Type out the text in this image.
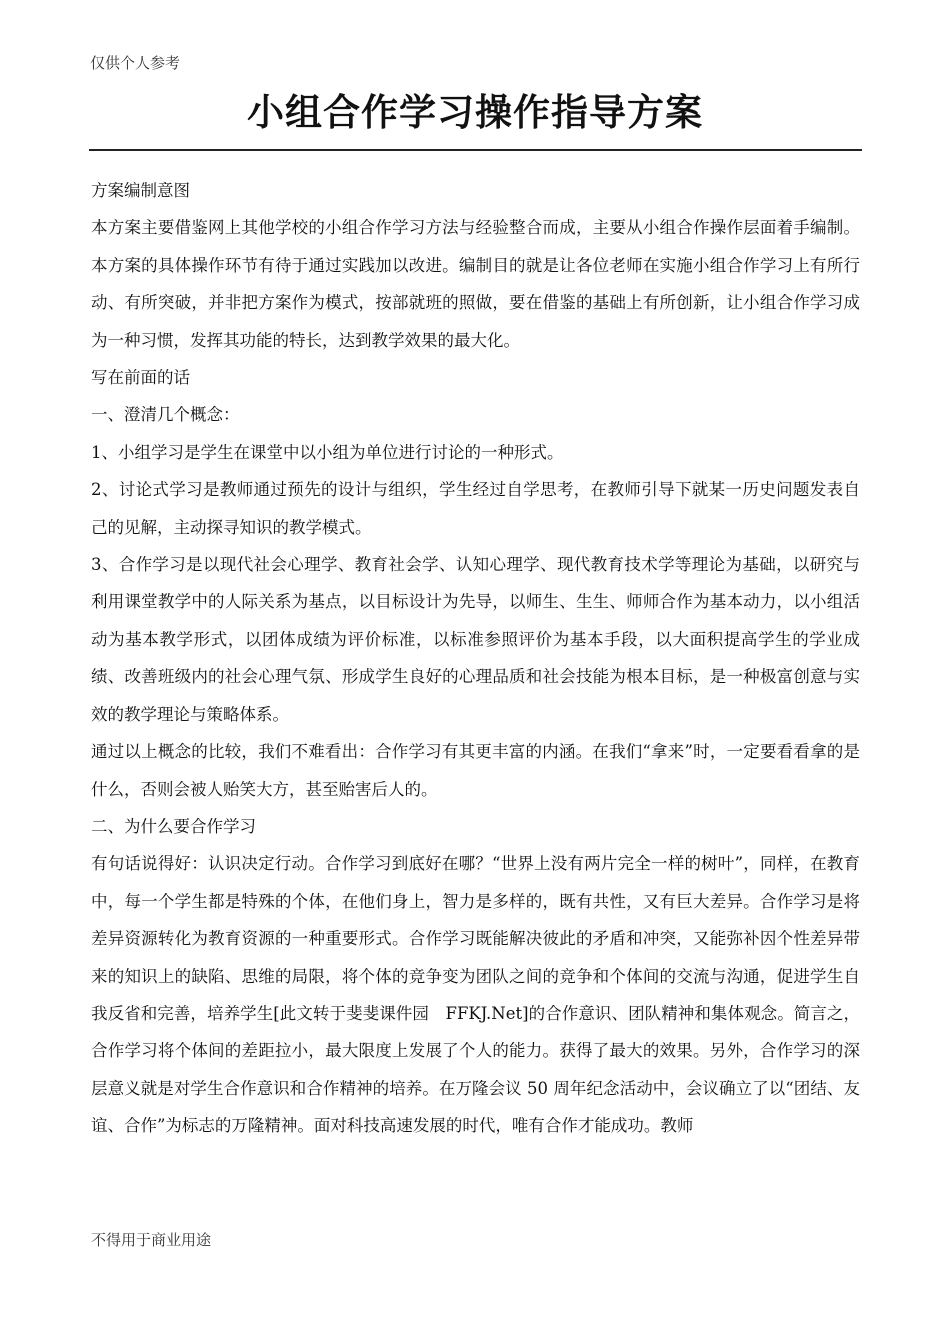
仅供个人参考
小组合作学习操作指导方案

方案编制意图

本方案主要借鉴网上其他学校的小组合作学习方法与经验整合而成，主要从小组合作操作层面着手编制。本方案的具体操作环节有待于通过实践加以改进。编制目的就是让各位老师在实施小组合作学习上有所行动、有所突破，并非把方案作为模式，按部就班的照做，要在借鉴的基础上有所创新，让小组合作学习成为一种习惯，发挥其功能的特长，达到教学效果的最大化。

写在前面的话

一、澄清几个概念：

1、小组学习是学生在课堂中以小组为单位进行讨论的一种形式。

2、讨论式学习是教师通过预先的设计与组织，学生经过自学思考，在教师引导下就某一历史问题发表自己的见解，主动探寻知识的教学模式。

3、合作学习是以现代社会心理学、教育社会学、认知心理学、现代教育技术学等理论为基础，以研究与利用课堂教学中的人际关系为基点，以目标设计为先导，以师生、生生、师师合作为基本动力，以小组活动为基本教学形式，以团体成绩为评价标准，以标准参照评价为基本手段，以大面积提高学生的学业成绩、改善班级内的社会心理气氛、形成学生良好的心理品质和社会技能为根本目标，是一种极富创意与实效的教学理论与策略体系。

通过以上概念的比较，我们不难看出：合作学习有其更丰富的内涵。在我们“拿来”时，一定要看看拿的是什么，否则会被人贻笑大方，甚至贻害后人的。

二、为什么要合作学习

有句话说得好：认识决定行动。合作学习到底好在哪？“世界上没有两片完全一样的树叶”，同样，在教育中，每一个学生都是特殊的个体，在他们身上，智力是多样的，既有共性，又有巨大差异。合作学习是将差异资源转化为教育资源的一种重要形式。合作学习既能解决彼此的矛盾和冲突，又能弥补因个性差异带来的知识上的缺陷、思维的局限，将个体的竞争变为团队之间的竞争和个体间的交流与沟通，促进学生自我反省和完善，培养学生[此文转于斐斐课件园　FFKJ.Net]的合作意识、团队精神和集体观念。简言之，合作学习将个体间的差距拉小，最大限度上发展了个人的能力。获得了最大的效果。另外，合作学习的深层意义就是对学生合作意识和合作精神的培养。在万隆会议 50 周年纪念活动中，会议确立了以“团结、友谊、合作”为标志的万隆精神。面对科技高速发展的时代，唯有合作才能成功。教师

不得用于商业用途
